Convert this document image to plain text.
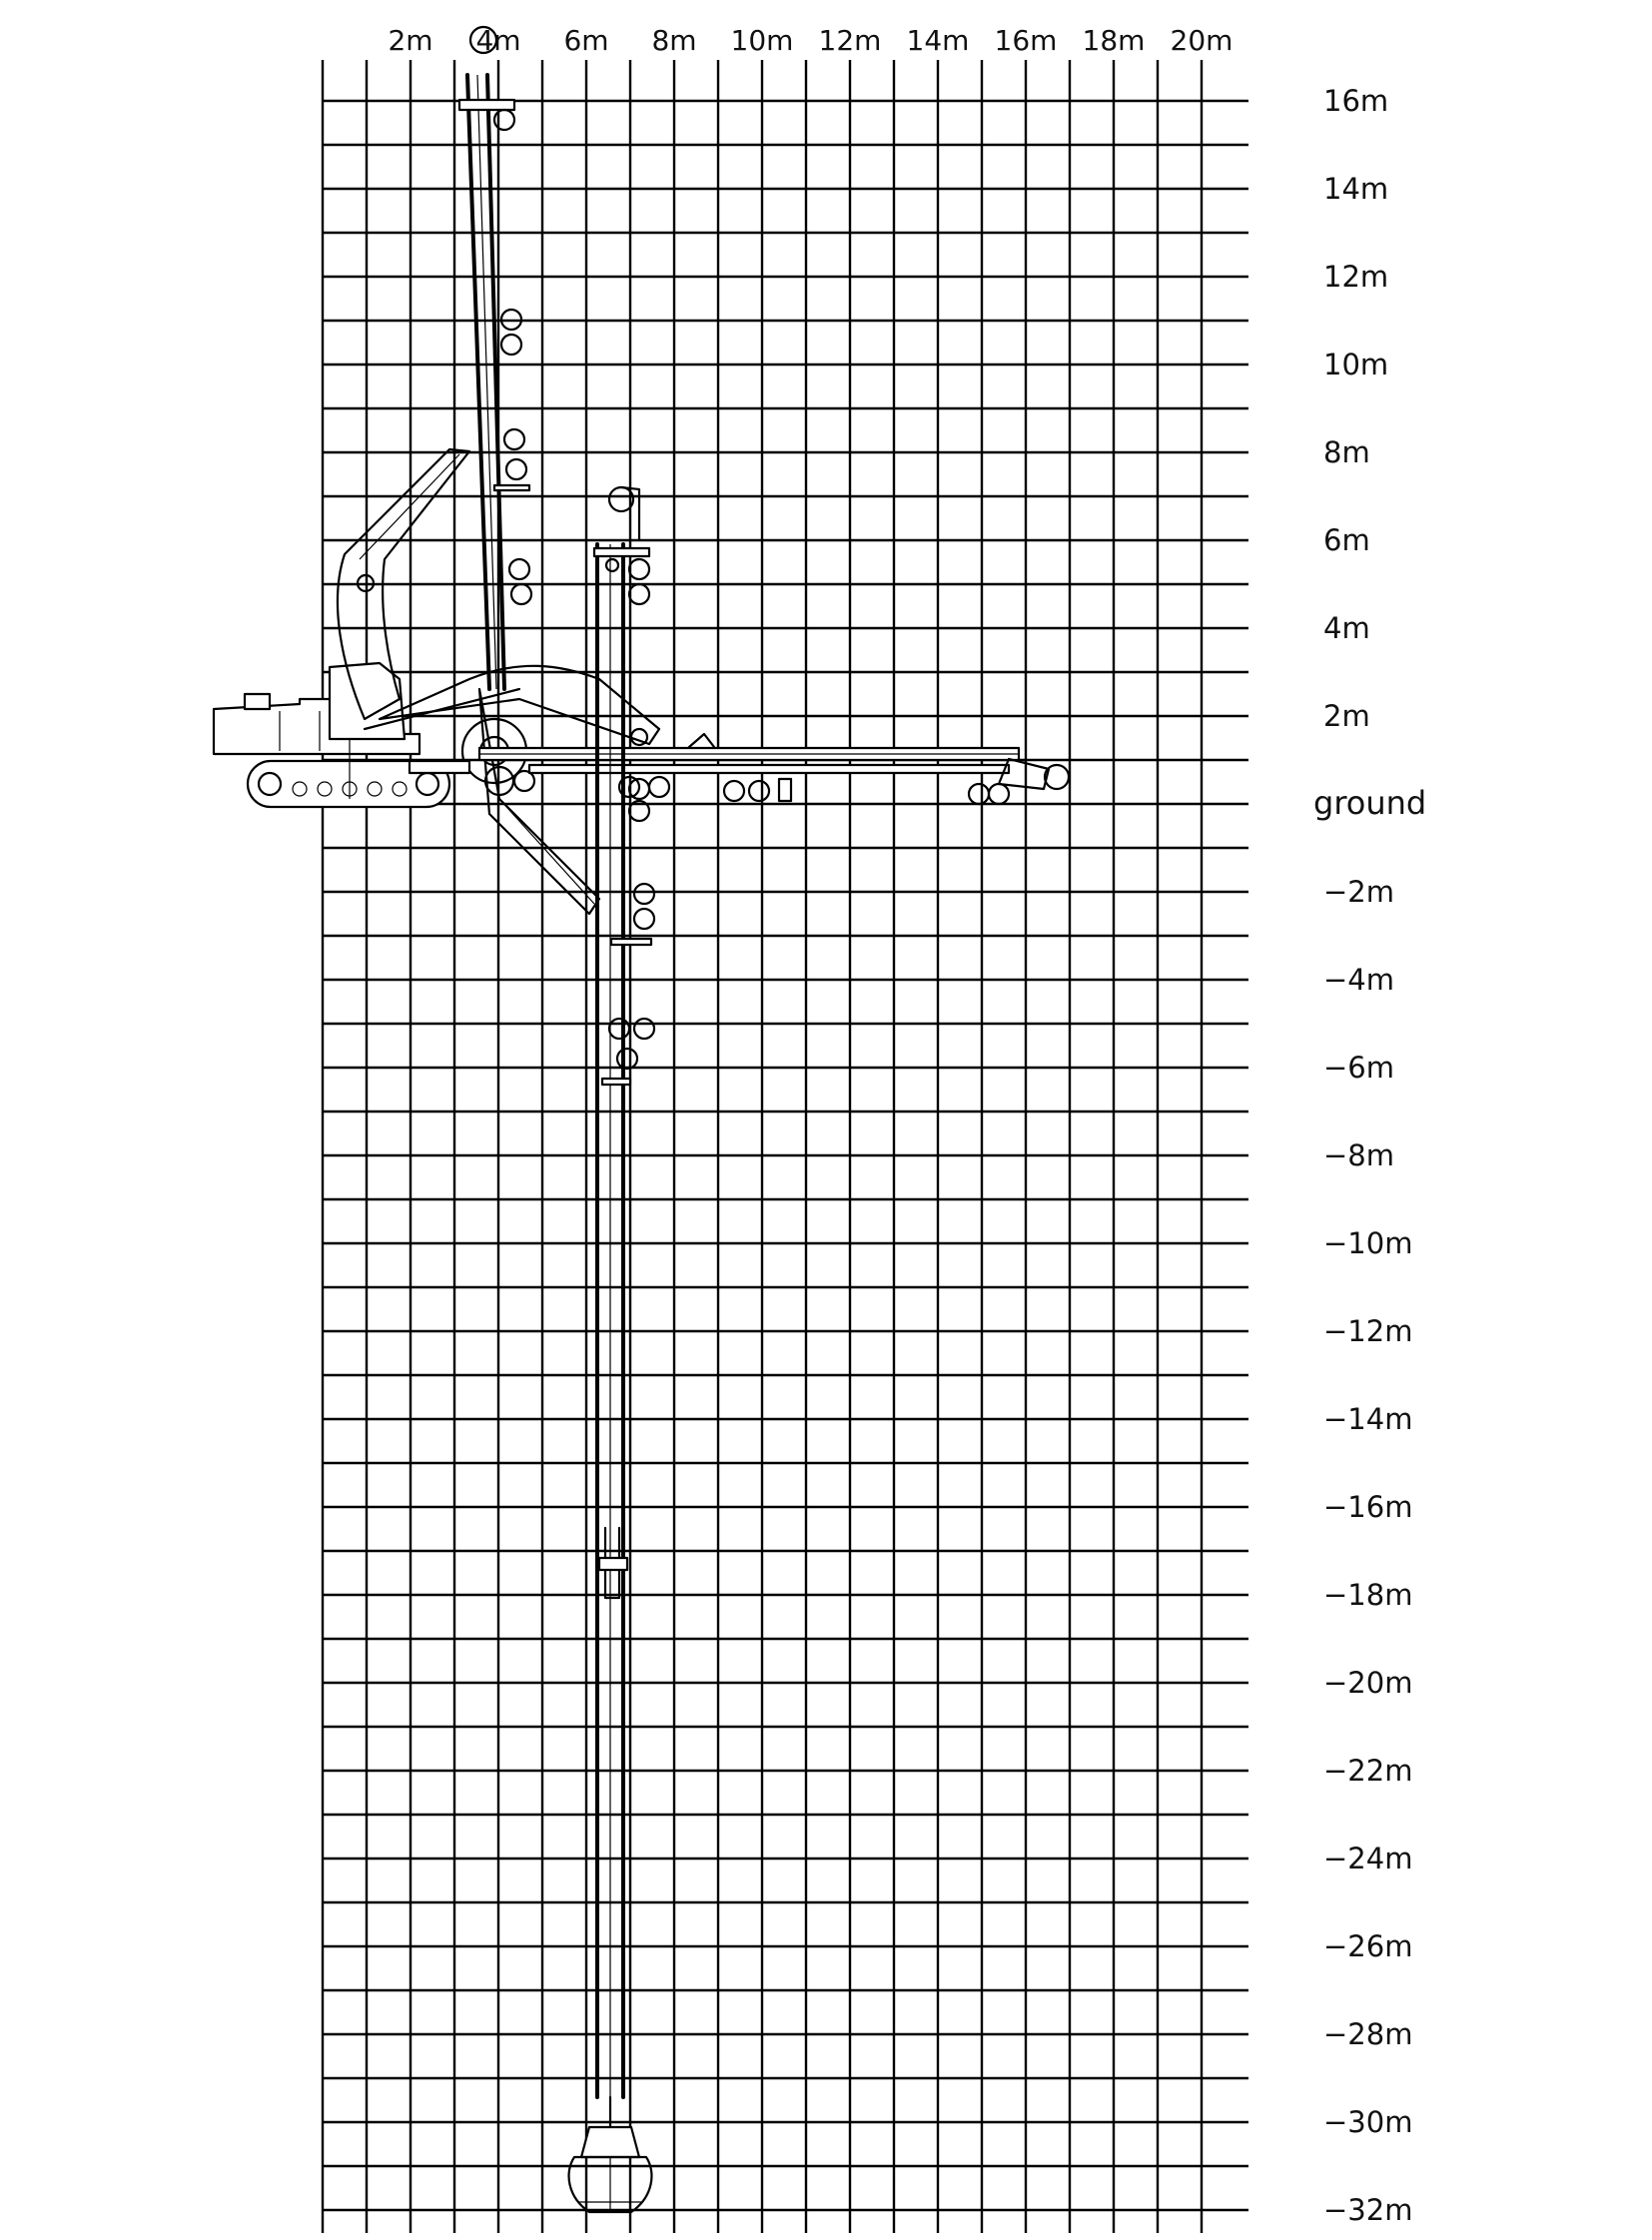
2m 4m 6m 8m 10m 12m 14m 16m 18m 20m
16m
14m
12m
10m
8m
6m
4m
2m
ground
−2m
−4m
−6m
−8m
−10m
−12m
−14m
−16m
−18m
−20m
−22m
−24m
−26m
−28m
−30m
−32m
